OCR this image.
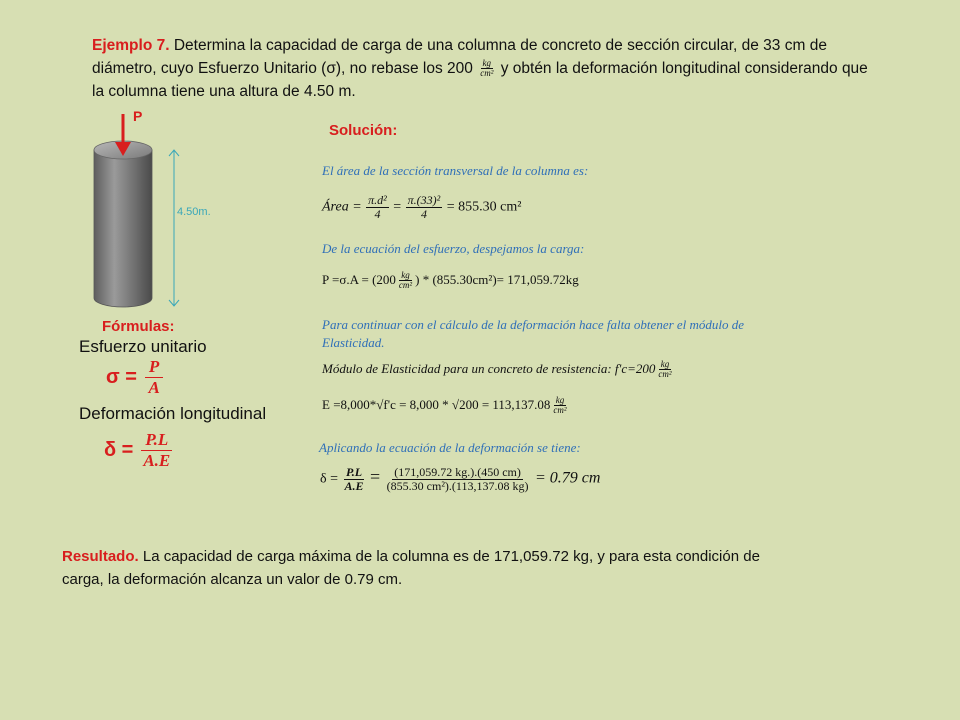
Ejemplo 7. Determina la capacidad de carga de una columna de concreto de sección circular, de 33 cm de diámetro, cuyo Esfuerzo Unitario (σ), no rebase los $200 \frac{kg}{\text{cm²}}$ y obtén la deformación longitudinal considerando que la columna tiene una altura de 4.50 m.
P
4.50m.
Fórmulas:
Esfuerzo unitario
$\sigma = \frac{P}{A}$
Deformación longitudinal
$\delta = \frac{P.L}{A.E}$
Solución:
El área de la sección transversal de la columna es:
Área = $\frac{\text{π.d²}}{4} = \frac{\text{π.(33)²}}{4} = 855.30$ cm²
De la ecuación del esfuerzo, despejamos la carga:
$P =\sigma.A = (200 \frac{kg}{\text{cm²}}$ ) * (855.30cm²)= 171,059.72kg
Para continuar con el cálculo de la deformación hace falta obtener el módulo de Elasticidad.
Módulo de Elasticidad para un concreto de resistencia: $f'c=200 \frac{kg}{\text{cm²}}$
$E =8,000*√f'c = 8,000 * √200 = 113,137.08 \frac{kg}{\text{cm²}}$
Aplicando la ecuación de la deformación se tiene:
$\delta = \frac{P.L}{A.E} = \frac{(171,059.72 kg.).(450 cm)}{\text{(855.30 cm²).(113,137.08 kg)}} = 0.79$ cm
Resultado. La capacidad de carga máxima de la columna es de 171,059.72 kg, y para esta condición de carga, la deformación alcanza un valor de 0.79 cm.
